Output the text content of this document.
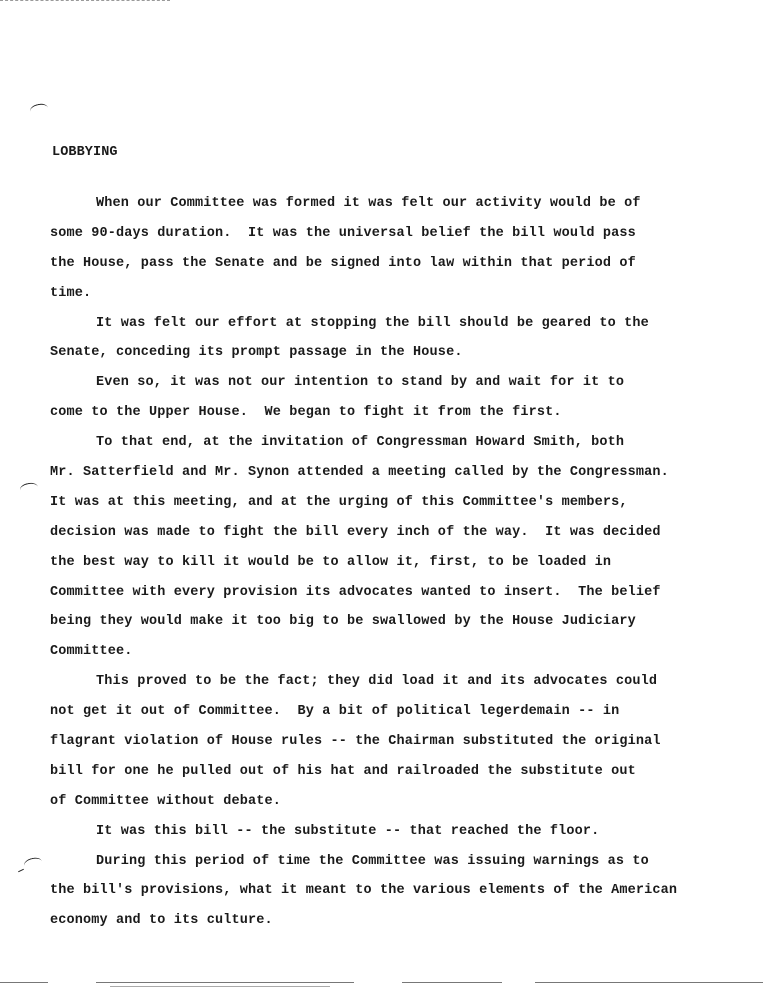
LOBBYING
When our Committee was formed it was felt our activity would be of
some 90-days duration.  It was the universal belief the bill would pass
the House, pass the Senate and be signed into law within that period of
time.
It was felt our effort at stopping the bill should be geared to the
Senate, conceding its prompt passage in the House.
Even so, it was not our intention to stand by and wait for it to
come to the Upper House.  We began to fight it from the first.
To that end, at the invitation of Congressman Howard Smith, both
Mr. Satterfield and Mr. Synon attended a meeting called by the Congressman.
It was at this meeting, and at the urging of this Committee's members,
decision was made to fight the bill every inch of the way.  It was decided
the best way to kill it would be to allow it, first, to be loaded in
Committee with every provision its advocates wanted to insert.  The belief
being they would make it too big to be swallowed by the House Judiciary
Committee.
This proved to be the fact; they did load it and its advocates could
not get it out of Committee.  By a bit of political legerdemain -- in
flagrant violation of House rules -- the Chairman substituted the original
bill for one he pulled out of his hat and railroaded the substitute out
of Committee without debate.
It was this bill -- the substitute -- that reached the floor.
During this period of time the Committee was issuing warnings as to
the bill's provisions, what it meant to the various elements of the American
economy and to its culture.
